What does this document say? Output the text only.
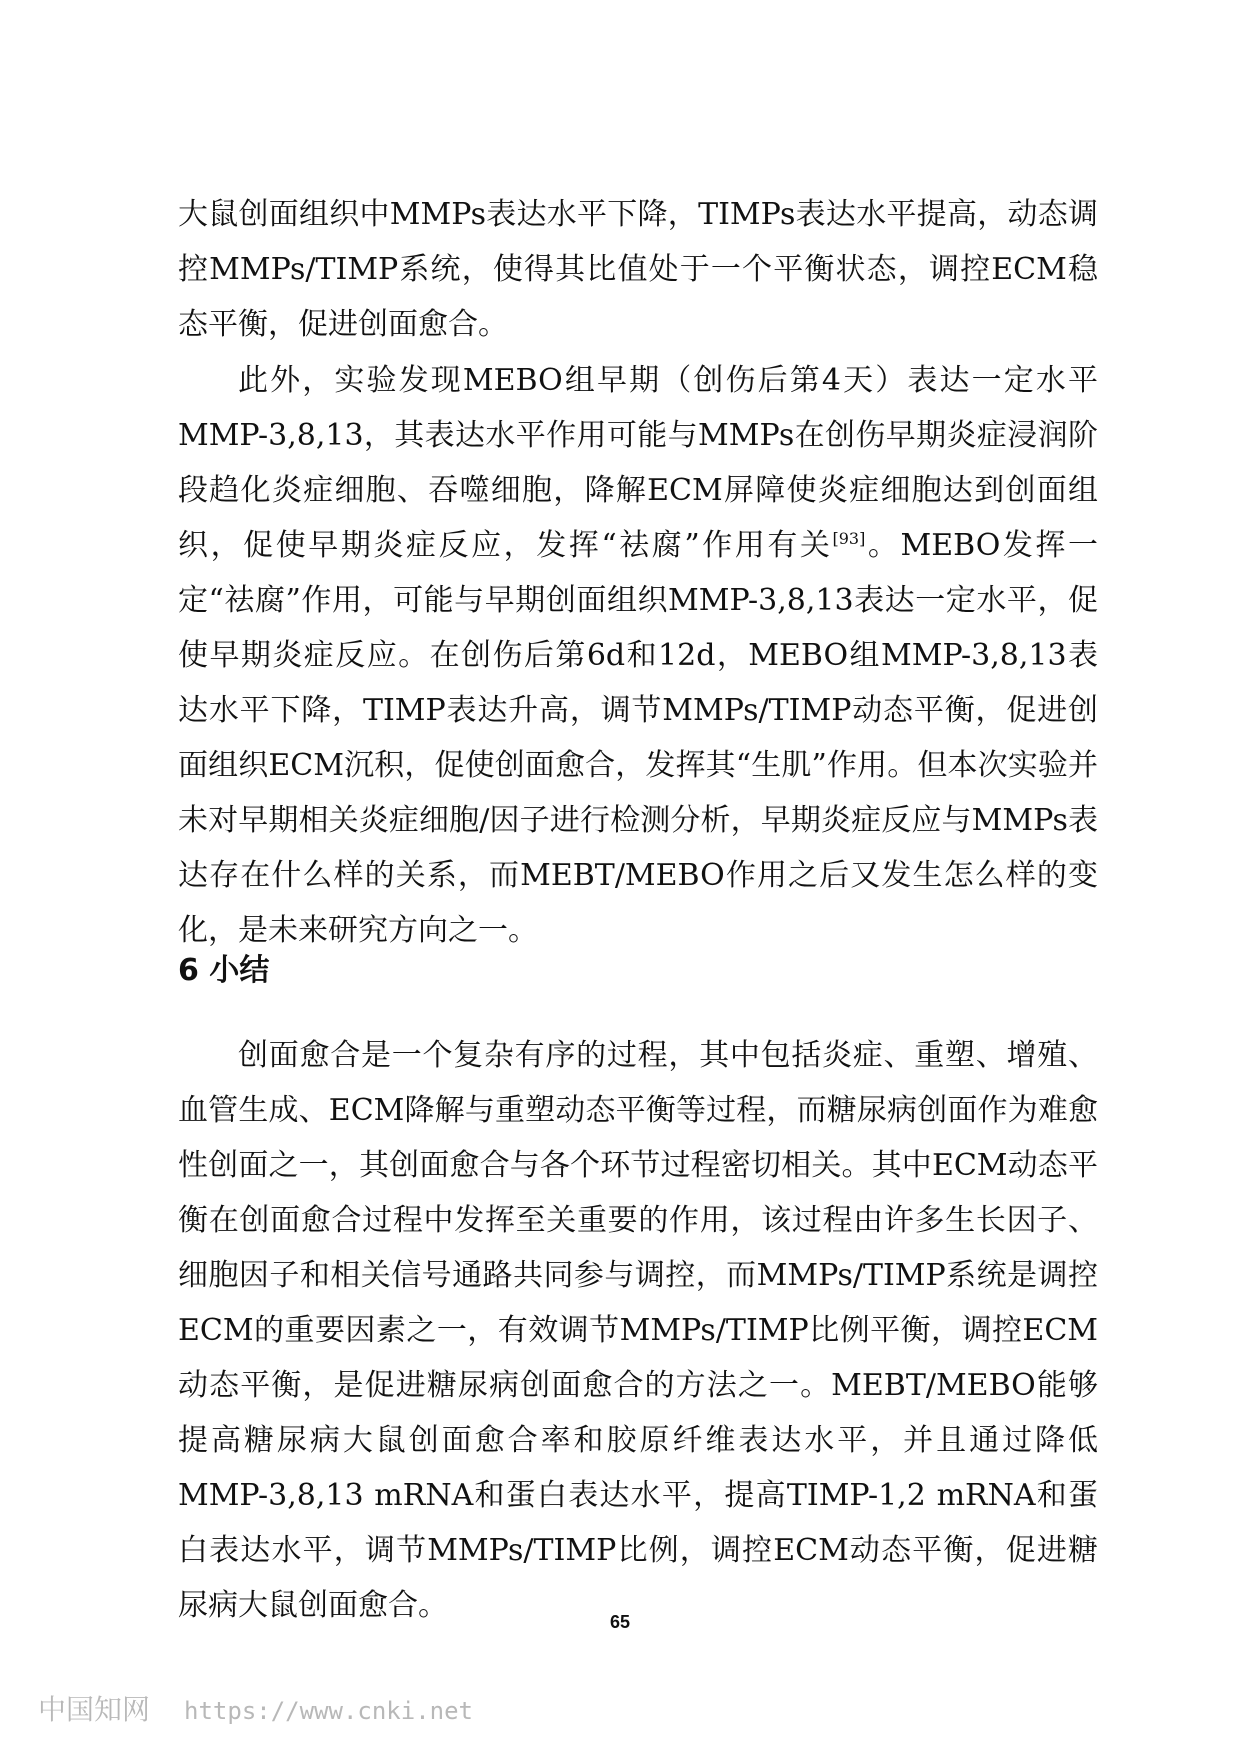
大鼠创面组织中MMPs表达水平下降，TIMPs表达水平提高，动态调控MMPs/TIMP系统，使得其比值处于一个平衡状态，调控ECM稳态平衡，促进创面愈合。

此外，实验发现MEBO组早期（创伤后第4天）表达一定水平MMP-3,8,13，其表达水平作用可能与MMPs在创伤早期炎症浸润阶段趋化炎症细胞、吞噬细胞，降解ECM屏障使炎症细胞达到创面组织，促使早期炎症反应，发挥“祛腐”作用有关[93]。MEBO发挥一定“祛腐”作用，可能与早期创面组织MMP-3,8,13表达一定水平，促使早期炎症反应。在创伤后第6d和12d，MEBO组MMP-3,8,13表达水平下降，TIMP表达升高，调节MMPs/TIMP动态平衡，促进创面组织ECM沉积，促使创面愈合，发挥其“生肌”作用。但本次实验并未对早期相关炎症细胞/因子进行检测分析，早期炎症反应与MMPs表达存在什么样的关系，而MEBT/MEBO作用之后又发生怎么样的变化，是未来研究方向之一。

6 小结

创面愈合是一个复杂有序的过程，其中包括炎症、重塑、增殖、血管生成、ECM降解与重塑动态平衡等过程，而糖尿病创面作为难愈性创面之一，其创面愈合与各个环节过程密切相关。其中ECM动态平衡在创面愈合过程中发挥至关重要的作用，该过程由许多生长因子、细胞因子和相关信号通路共同参与调控，而MMPs/TIMP系统是调控ECM的重要因素之一，有效调节MMPs/TIMP比例平衡，调控ECM动态平衡，是促进糖尿病创面愈合的方法之一。MEBT/MEBO能够提高糖尿病大鼠创面愈合率和胶原纤维表达水平，并且通过降低MMP-3,8,13 mRNA和蛋白表达水平，提高TIMP-1,2 mRNA和蛋白表达水平，调节MMPs/TIMP比例，调控ECM动态平衡，促进糖尿病大鼠创面愈合。	65
中国知网 https://www.cnki.net
